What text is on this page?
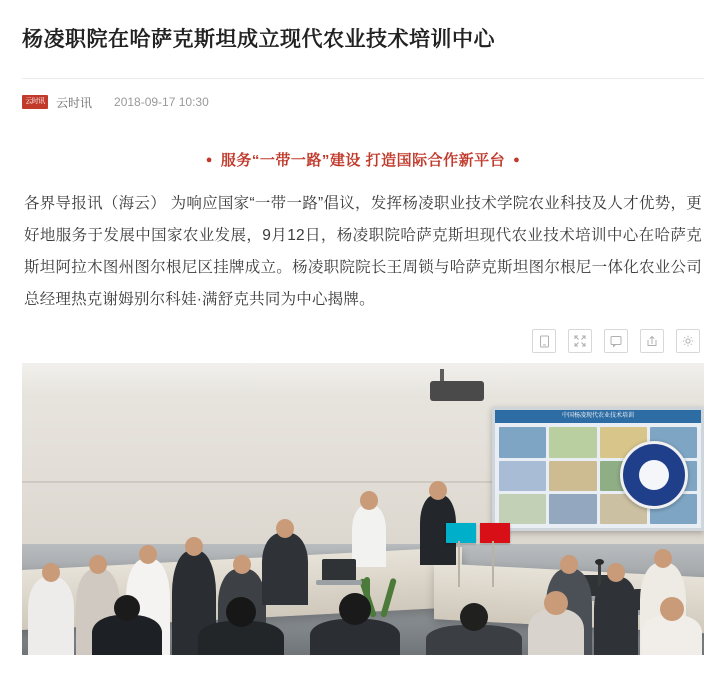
杨凌职院在哈萨克斯坦成立现代农业技术培训中心
云时讯 云时讯 2018-09-17 10:30
● 服务“一带一路”建设 打造国际合作新平台 ●

各界导报讯（海云） 为响应国家“一带一路”倡议，发挥杨凌职业技术学院农业科技及人才优势，更好地服务于发展中国家农业发展，9月12日，杨凌职院哈萨克斯坦现代农业技术培训中心在哈萨克斯坦阿拉木图州图尔根尼区挂牌成立。杨凌职院院长王周锁与哈萨克斯坦图尔根尼一体化农业公司总经理热克谢姆别尔科娃·满舒克共同为中心揭牌。

中国杨凌现代农业技术培训
